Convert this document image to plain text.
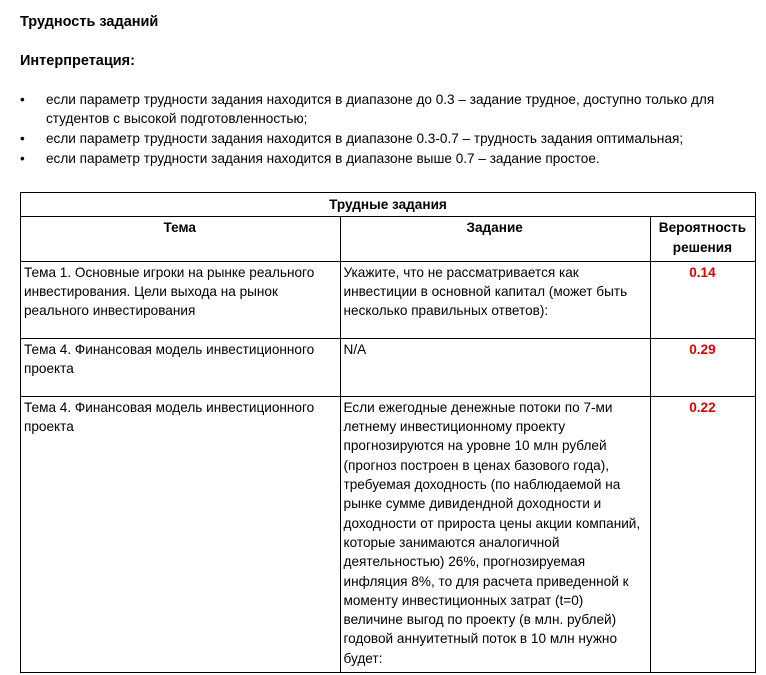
Трудность заданий
Интерпретация:
• если параметр трудности задания находится в диапазоне до 0.3 – задание трудное, доступно только для студентов с высокой подготовленностью;
• если параметр трудности задания находится в диапазоне 0.3-0.7 – трудность задания оптимальная;
• если параметр трудности задания находится в диапазоне выше 0.7 – задание простое.
Трудные задания		
Тема	Задание	Вероятность решения
Тема 1. Основные игроки на рынке реального инвестирования. Цели выхода на рынок реального инвестирования	Укажите, что не рассматривается как инвестиции в основной капитал (может быть несколько правильных ответов):	0.14
Тема 4. Финансовая модель инвестиционного проекта	N/A	0.29
Тема 4. Финансовая модель инвестиционного проекта	Если ежегодные денежные потоки по 7-ми летнему инвестиционному проекту прогнозируются на уровне 10 млн рублей (прогноз построен в ценах базового года), требуемая доходность (по наблюдаемой на рынке сумме дивидендной доходности и доходности от прироста цены акции компаний, которые занимаются аналогичной деятельностью) 26%, прогнозируемая инфляция 8%, то для расчета приведенной к моменту инвестиционных затрат (t=0) величине выгод по проекту (в млн. рублей) годовой аннуитетный поток в 10 млн нужно будет:	0.22
